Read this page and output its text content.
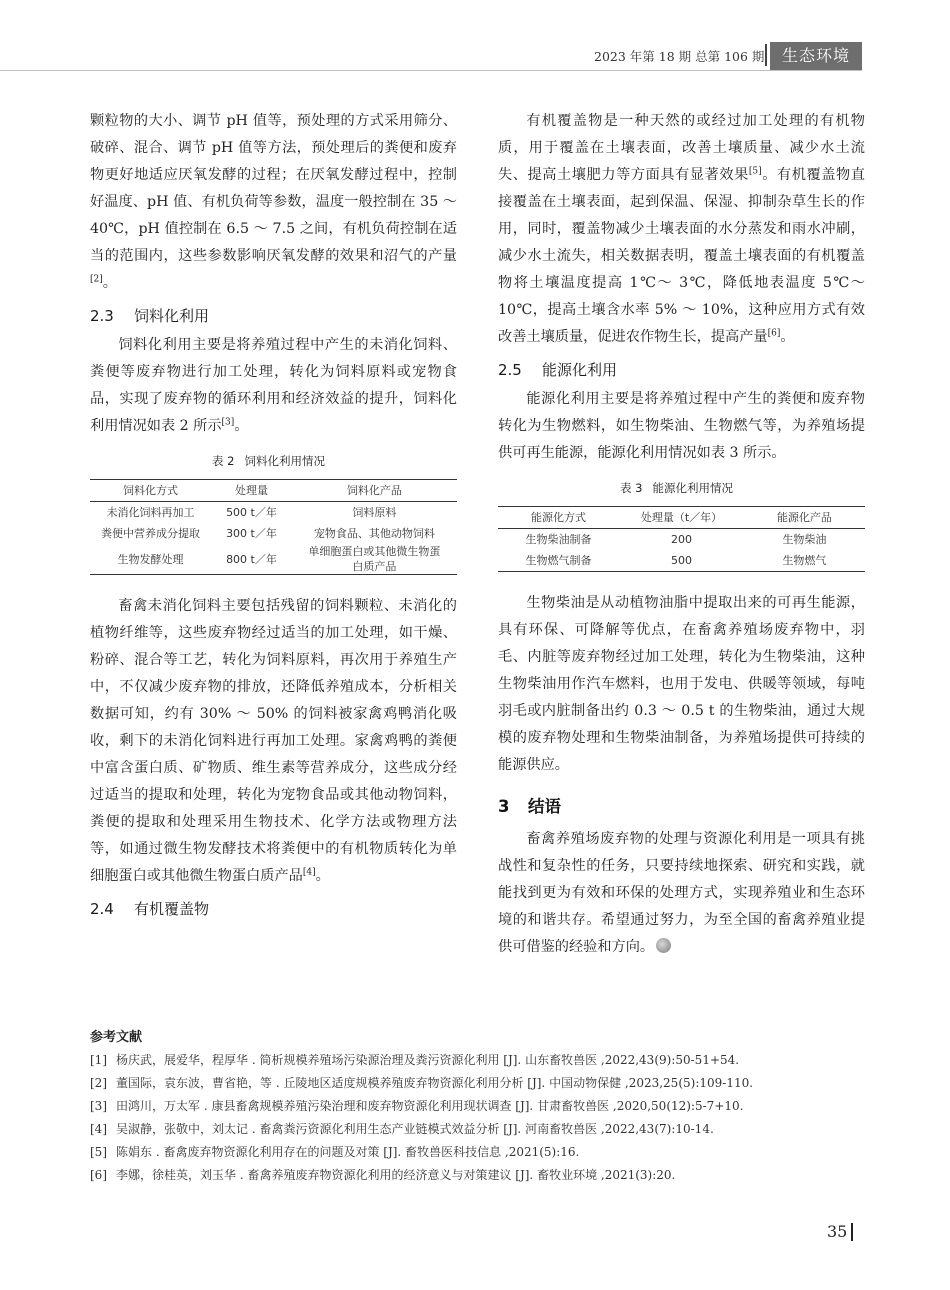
2023 年第 18 期 总第 106 期	生态环境

颗粒物的大小、调节 pH 值等，预处理的方式采用筛分、破碎、混合、调节 pH 值等方法，预处理后的粪便和废弃物更好地适应厌氧发酵的过程；在厌氧发酵过程中，控制好温度、pH 值、有机负荷等参数，温度一般控制在 35 ～ 40℃，pH 值控制在 6.5 ～ 7.5 之间，有机负荷控制在适当的范围内，这些参数影响厌氧发酵的效果和沼气的产量[2]。

2.3 饲料化利用

饲料化利用主要是将养殖过程中产生的未消化饲料、粪便等废弃物进行加工处理，转化为饲料原料或宠物食品，实现了废弃物的循环利用和经济效益的提升，饲料化利用情况如表 2 所示[3]。

表 2 饲料化利用情况
饲料化方式	处理量	饲料化产品
未消化饲料再加工	500 t／年	饲料原料
粪便中营养成分提取	300 t／年	宠物食品、其他动物饲料
生物发酵处理	800 t／年	单细胞蛋白或其他微生物蛋白质产品

畜禽未消化饲料主要包括残留的饲料颗粒、未消化的植物纤维等，这些废弃物经过适当的加工处理，如干燥、粉碎、混合等工艺，转化为饲料原料，再次用于养殖生产中，不仅减少废弃物的排放，还降低养殖成本，分析相关数据可知，约有 30% ～ 50% 的饲料被家禽鸡鸭消化吸收，剩下的未消化饲料进行再加工处理。家禽鸡鸭的粪便中富含蛋白质、矿物质、维生素等营养成分，这些成分经过适当的提取和处理，转化为宠物食品或其他动物饲料，粪便的提取和处理采用生物技术、化学方法或物理方法等，如通过微生物发酵技术将粪便中的有机物质转化为单细胞蛋白或其他微生物蛋白质产品[4]。

2.4 有机覆盖物

有机覆盖物是一种天然的或经过加工处理的有机物质，用于覆盖在土壤表面，改善土壤质量、减少水土流失、提高土壤肥力等方面具有显著效果[5]。有机覆盖物直接覆盖在土壤表面，起到保温、保湿、抑制杂草生长的作用，同时，覆盖物减少土壤表面的水分蒸发和雨水冲刷，减少水土流失，相关数据表明，覆盖土壤表面的有机覆盖物将土壤温度提高 1℃～ 3℃，降低地表温度 5℃～ 10℃，提高土壤含水率 5% ～ 10%，这种应用方式有效改善土壤质量，促进农作物生长，提高产量[6]。

2.5 能源化利用

能源化利用主要是将养殖过程中产生的粪便和废弃物转化为生物燃料，如生物柴油、生物燃气等，为养殖场提供可再生能源，能源化利用情况如表 3 所示。

表 3 能源化利用情况
能源化方式	处理量（t／年）	能源化产品
生物柴油制备	200	生物柴油
生物燃气制备	500	生物燃气

生物柴油是从动植物油脂中提取出来的可再生能源，具有环保、可降解等优点，在畜禽养殖场废弃物中，羽毛、内脏等废弃物经过加工处理，转化为生物柴油，这种生物柴油用作汽车燃料，也用于发电、供暖等领域，每吨羽毛或内脏制备出约 0.3 ～ 0.5 t 的生物柴油，通过大规模的废弃物处理和生物柴油制备，为养殖场提供可持续的能源供应。

3 结语

畜禽养殖场废弃物的处理与资源化利用是一项具有挑战性和复杂性的任务，只要持续地探索、研究和实践，就能找到更为有效和环保的处理方式，实现养殖业和生态环境的和谐共存。希望通过努力，为至全国的畜禽养殖业提供可借鉴的经验和方向。

参考文献
[1] 杨庆武，展爱华，程厚华 . 简析规模养殖场污染源治理及粪污资源化利用 [J]. 山东畜牧兽医 ,2022,43(9):50-51+54.
[2] 董国际，袁东波，曹省艳，等 . 丘陵地区适度规模养殖废弃物资源化利用分析 [J]. 中国动物保健 ,2023,25(5):109-110.
[3] 田鸿川，万太军 . 康县畜禽规模养殖污染治理和废弃物资源化利用现状调查 [J]. 甘肃畜牧兽医 ,2020,50(12):5-7+10.
[4] 吴淑静，张敬中，刘太记 . 畜禽粪污资源化利用生态产业链模式效益分析 [J]. 河南畜牧兽医 ,2022,43(7):10-14.
[5] 陈娟东 . 畜禽废弃物资源化利用存在的问题及对策 [J]. 畜牧兽医科技信息 ,2021(5):16.
[6] 李娜，徐桂英，刘玉华 . 畜禽养殖废弃物资源化利用的经济意义与对策建议 [J]. 畜牧业环境 ,2021(3):20.
35
